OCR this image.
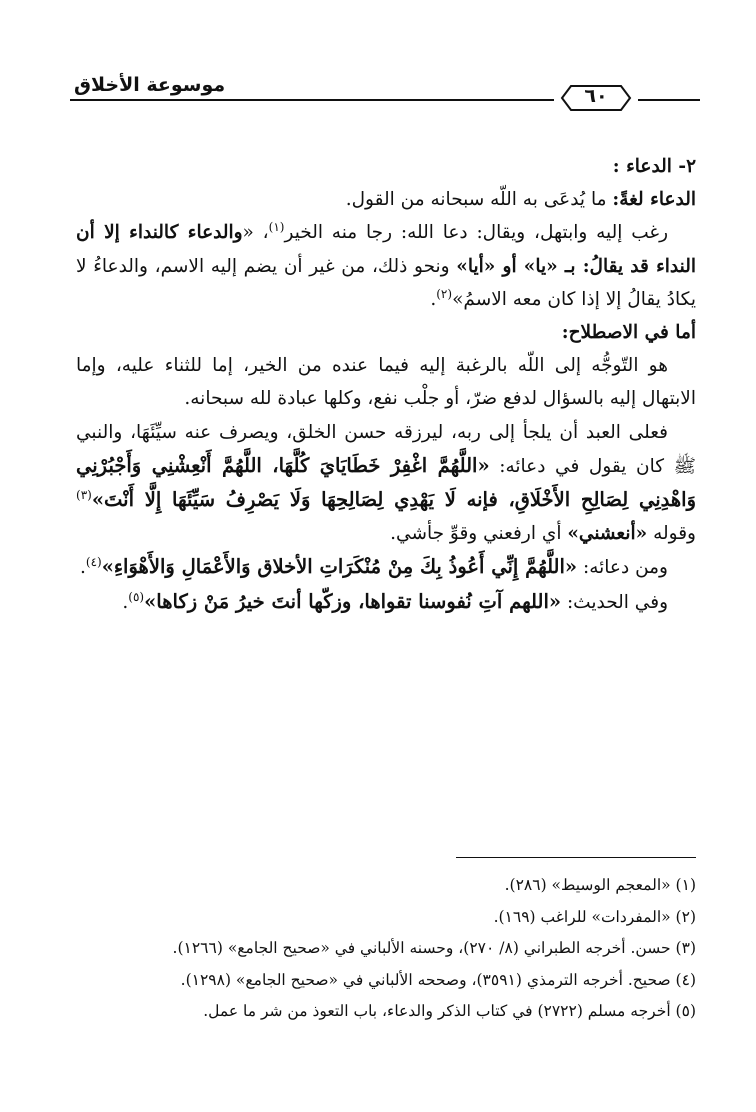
موسوعة الأخلاق	٦٠

٢- الدعاء :

الدعاء لغةً: ما يُدعَى به اللّه سبحانه من القول.

رغب إليه وابتهل، ويقال: دعا الله: رجا منه الخير$^{(١)}$، «والدعاء كالنداء إلا أن النداء قد يقالُ: بـ «يا» أو «أيا» ونحو ذلك، من غير أن يضم إليه الاسم، والدعاءُ لا يكادُ يقالُ إلا إذا كان معه الاسمُ»$^{(٢)}$.

أما في الاصطلاح:

هو التّوجُّه إلى اللّه بالرغبة إليه فيما عنده من الخير، إما للثناء عليه، وإما الابتهال إليه بالسؤال لدفع ضرّ، أو جلْب نفع، وكلها عبادة لله سبحانه.

فعلى العبد أن يلجأ إلى ربه، ليرزقه حسن الخلق، ويصرف عنه سيِّئَهَا، والنبي ﷺ كان يقول في دعائه: «اللَّهُمَّ اغْفِرْ خَطَايَايَ كُلَّهَا، اللَّهُمَّ أَنْعِشْنِي وَأَجْبُرْنِي وَاهْدِنِي لِصَالِحِ الأَخْلَاقِ، فإنه لَا يَهْدِي لِصَالِحِهَا وَلَا يَصْرِفُ سَيِّئَهَا إِلَّا أَنْتَ»$^{(٣)}$ وقوله «أنعشني» أي ارفعني وقوِّ جأشي.

ومن دعائه: «اللَّهُمَّ إِنِّي أَعُوذُ بِكَ مِنْ مُنْكَرَاتِ الأخلاق وَالأَعْمَالِ وَالأَهْوَاءِ»$^{(٤)}$.

وفي الحديث: «اللهم آتِ نُفوسنا تقواها، وزكّها أنتَ خيرُ مَنْ زكاها»$^{(٥)}$.

(١) «المعجم الوسيط» (٢٨٦).

(٢) «المفردات» للراغب (١٦٩).

(٣) حسن. أخرجه الطبراني (٨/ ٢٧٠)، وحسنه الألباني في «صحيح الجامع» (١٢٦٦).

(٤) صحيح. أخرجه الترمذي (٣٥٩١)، وصححه الألباني في «صحيح الجامع» (١٢٩٨).

(٥) أخرجه مسلم (٢٧٢٢) في كتاب الذكر والدعاء، باب التعوذ من شر ما عمل.
